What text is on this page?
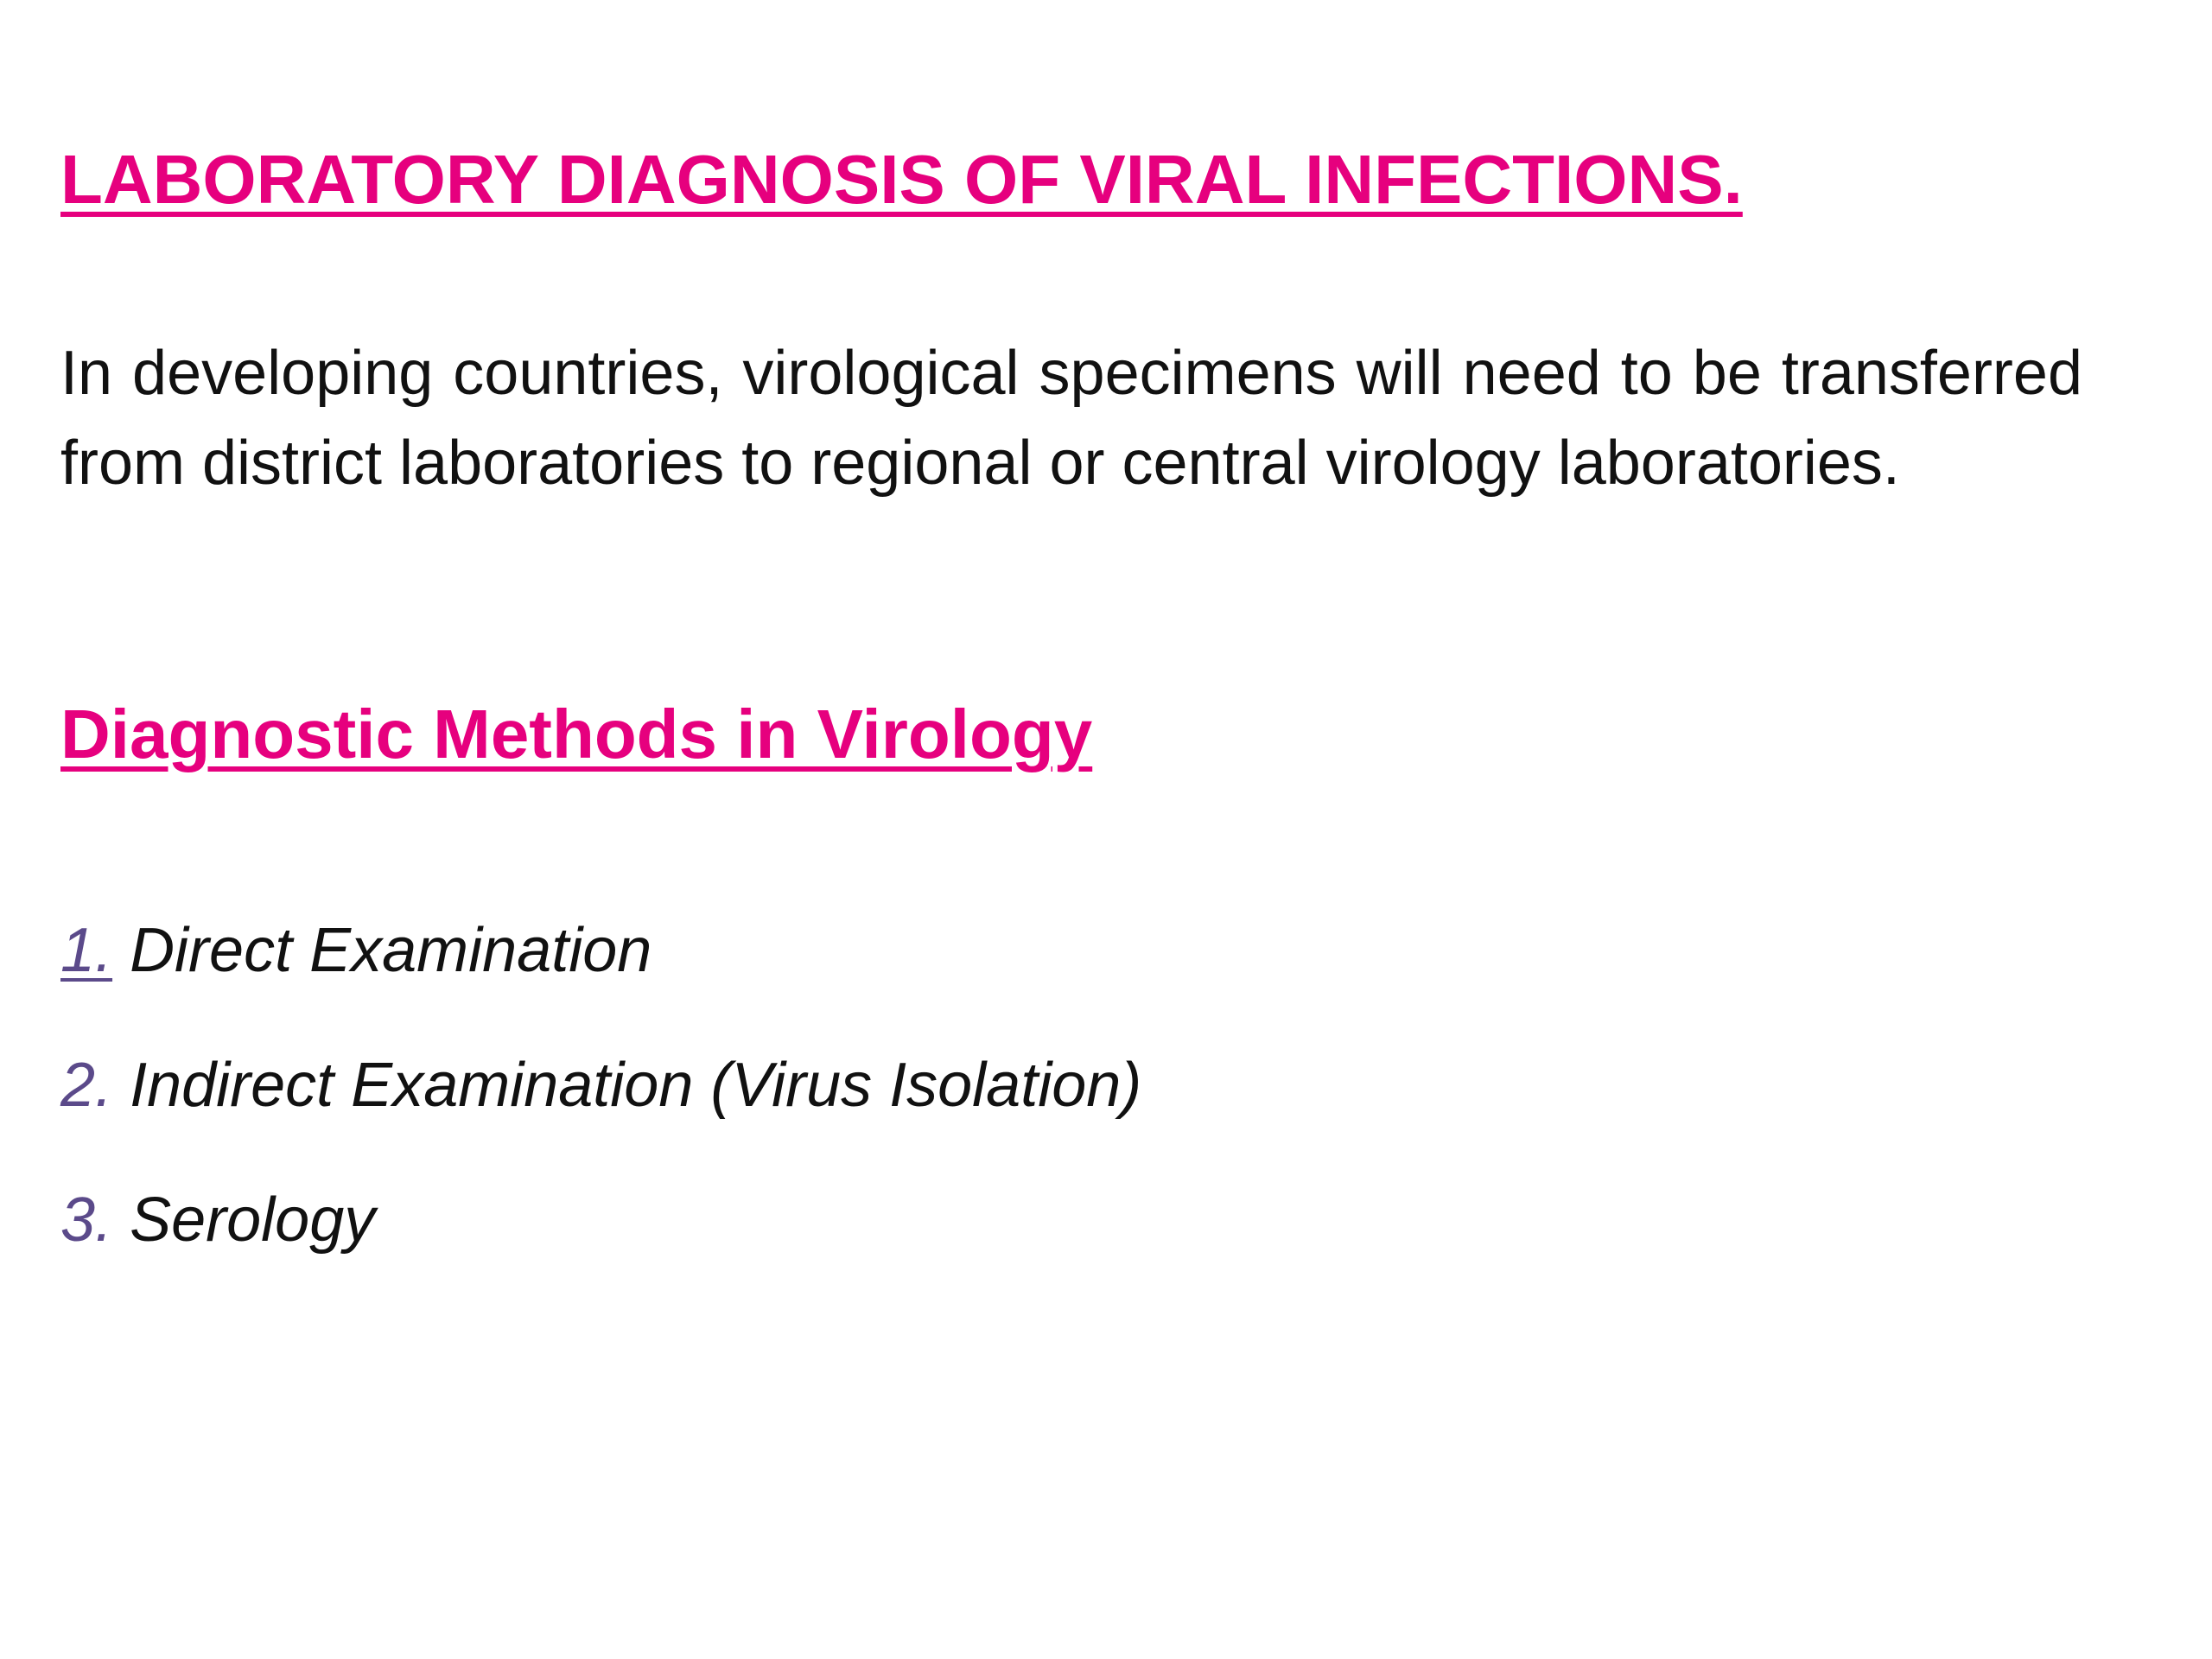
LABORATORY DIAGNOSIS OF VIRAL INFECTIONS.

In developing countries, virological specimens will need to be transferred from district laboratories to regional or central virology laboratories.

Diagnostic Methods in Virology
1. Direct Examination
2. Indirect Examination (Virus Isolation)
3. Serology
